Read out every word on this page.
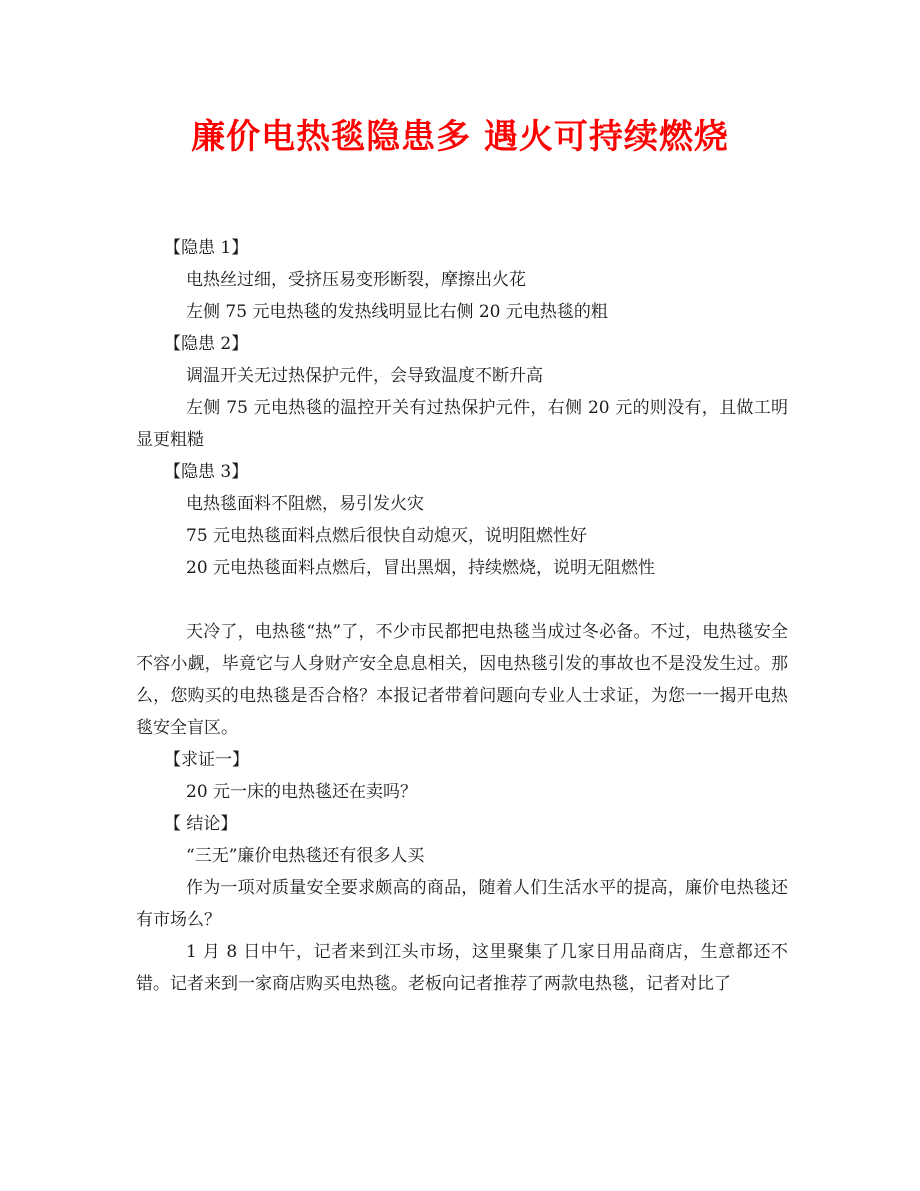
廉价电热毯隐患多 遇火可持续燃烧

【隐患 1】

电热丝过细，受挤压易变形断裂，摩擦出火花

左侧 75 元电热毯的发热线明显比右侧 20 元电热毯的粗

【隐患 2】

调温开关无过热保护元件，会导致温度不断升高

左侧 75 元电热毯的温控开关有过热保护元件，右侧 20 元的则没有，且做工明显更粗糙

【隐患 3】

电热毯面料不阻燃，易引发火灾

75 元电热毯面料点燃后很快自动熄灭，说明阻燃性好

20 元电热毯面料点燃后，冒出黑烟，持续燃烧，说明无阻燃性

天冷了，电热毯“热”了，不少市民都把电热毯当成过冬必备。不过，电热毯安全不容小觑，毕竟它与人身财产安全息息相关，因电热毯引发的事故也不是没发生过。那么，您购买的电热毯是否合格？本报记者带着问题向专业人士求证，为您一一揭开电热毯安全盲区。

【求证一】

20 元一床的电热毯还在卖吗？

【 结论】

“三无”廉价电热毯还有很多人买

作为一项对质量安全要求颇高的商品，随着人们生活水平的提高，廉价电热毯还有市场么？

1 月 8 日中午，记者来到江头市场，这里聚集了几家日用品商店，生意都还不错。记者来到一家商店购买电热毯。老板向记者推荐了两款电热毯，记者对比了
